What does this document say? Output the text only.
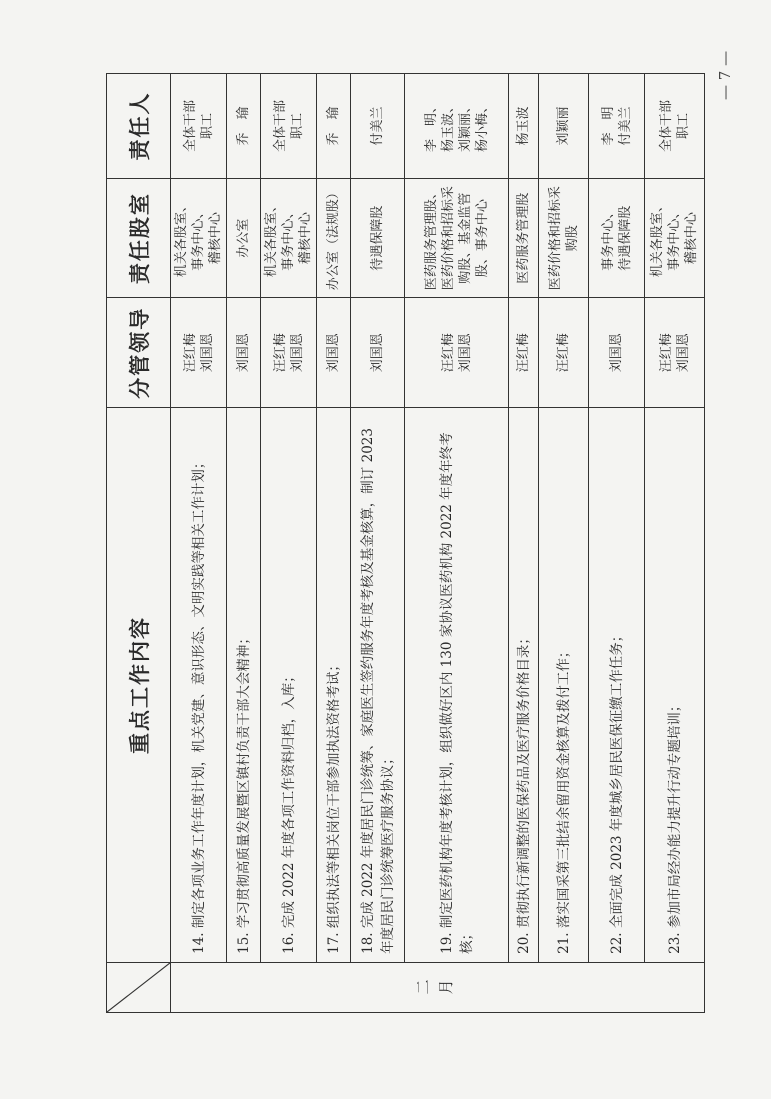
	重点工作内容	分管领导	责任股室	责任人
二月	14. 制定各项业务工作年度计划，机关党建、意识形态、文明实践等相关工作计划；	汪红梅
刘国恩	机关各股室、
事务中心、
稽核中心	全体干部
职工
	15. 学习贯彻高质量发展暨区镇村负责干部大会精神；	刘国恩	办公室	乔　瑜
	16. 完成 2022 年度各项工作资料归档，入库；	汪红梅
刘国恩	机关各股室、
事务中心、
稽核中心	全体干部
职工
	17. 组织执法等相关岗位干部参加执法资格考试；	刘国恩	办公室（法规股）	乔　瑜
	18. 完成 2022 年度居民门诊统筹、家庭医生签约服务年度考核及基金核算，制订 2023 年度居民门诊统筹医疗服务协议；	刘国恩	待遇保障股	付美兰
	19. 制定医药机构年度考核计划，组织做好区内 130 家协议医药机构 2022 年度年终考核；	汪红梅
刘国恩	医药服务管理股、医药价格和招标采购股、基金监管股、事务中心	李　明、
杨玉波、
刘颖丽、
杨小梅、
	20. 贯彻执行新调整的医保药品及医疗服务价格目录；	汪红梅	医药服务管理股	杨玉波
	21. 落实国采第三批结余留用资金核算及拨付工作；	汪红梅	医药价格和招标采购股	刘颖丽
	22. 全面完成 2023 年度城乡居民医保征缴工作任务；	刘国恩	事务中心、
待遇保障股	李　明
付美兰
	23. 参加市局经办能力提升行动专题培训；	汪红梅
刘国恩	机关各股室、
事务中心、
稽核中心	全体干部
职工
— 7 —
